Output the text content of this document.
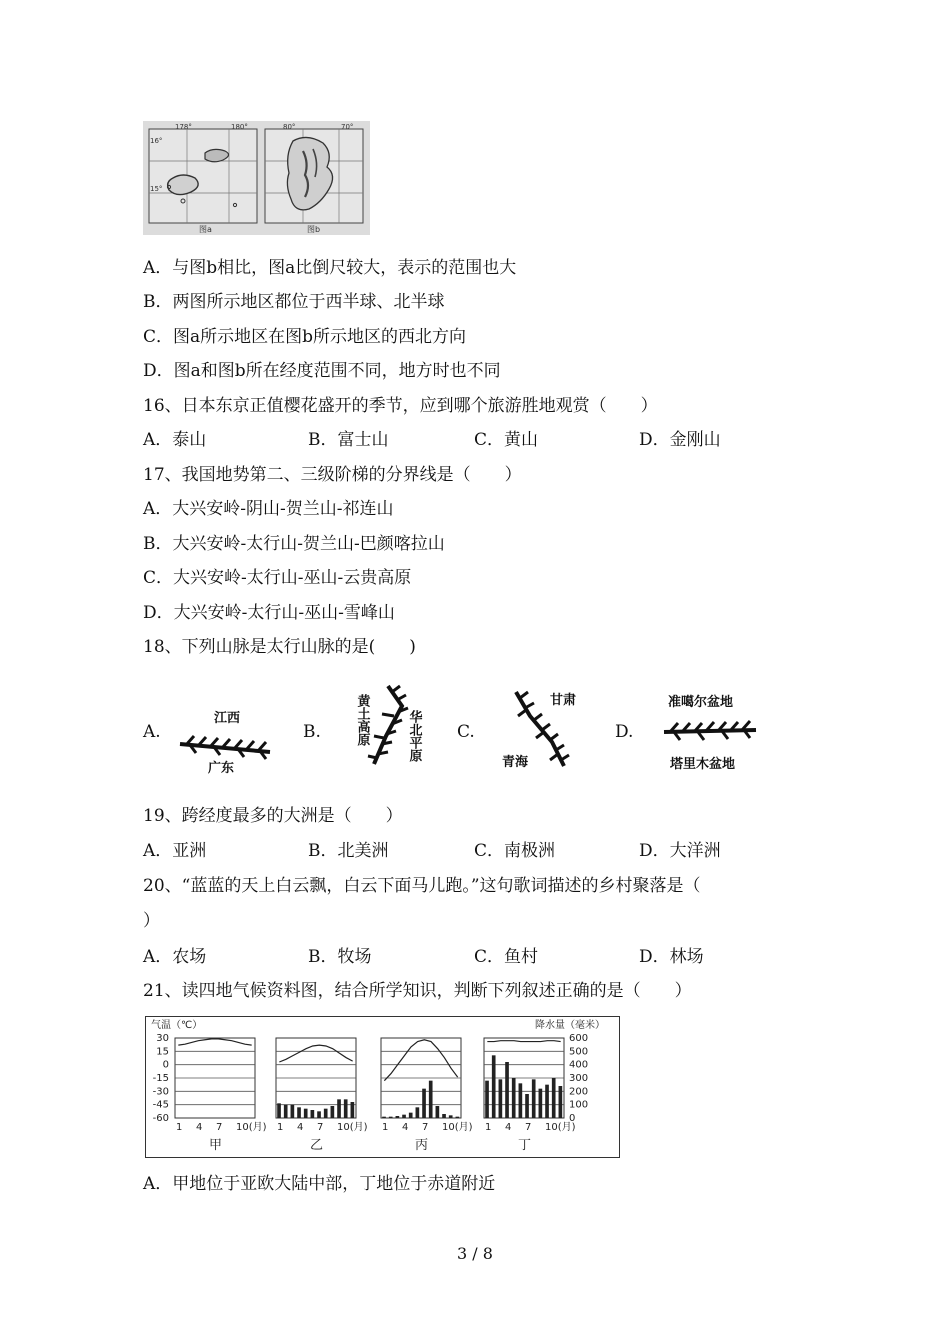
178°	180°
16°
15°
图a
80°	70°
图b
A．与图b相比，图a比倒尺较大，表示的范围也大
B．两图所示地区都位于西半球、北半球
C．图a所示地区在图b所示地区的西北方向
D．图a和图b所在经度范围不同，地方时也不同
16、日本东京正值樱花盛开的季节，应到哪个旅游胜地观赏（　　）
A．泰山	B．富士山	C．黄山	D．金刚山
17、我国地势第二、三级阶梯的分界线是（　　）
A．大兴安岭-阴山-贺兰山-祁连山
B．大兴安岭-太行山-贺兰山-巴颜喀拉山
C．大兴安岭-太行山-巫山-云贵高原
D．大兴安岭-太行山-巫山-雪峰山
18、下列山脉是太行山脉的是(　　)
A.	B.	C.	D.
江西
广东
黄土高原	华北平原
甘肃
青海
准噶尔盆地
塔里木盆地
19、跨经度最多的大洲是（　　）
A．亚洲	B．北美洲	C．南极洲	D．大洋洲
20、“蓝蓝的天上白云飘，白云下面马儿跑。”这句歌词描述的乡村聚落是（
）
A．农场	B．牧场	C．鱼村	D．林场
21、读四地气候资料图，结合所学知识，判断下列叙述正确的是（　　）
气温（℃）	降水量（毫米）
30
15
0
-15
-30
-45
-60
600
500
400
300
200
100
0
1 4 7 10(月)
甲
1 4 7 10(月)
乙
1 4 7 10(月)
丙
1 4 7 10(月)
丁
A．甲地位于亚欧大陆中部，丁地位于赤道附近
3 / 8
